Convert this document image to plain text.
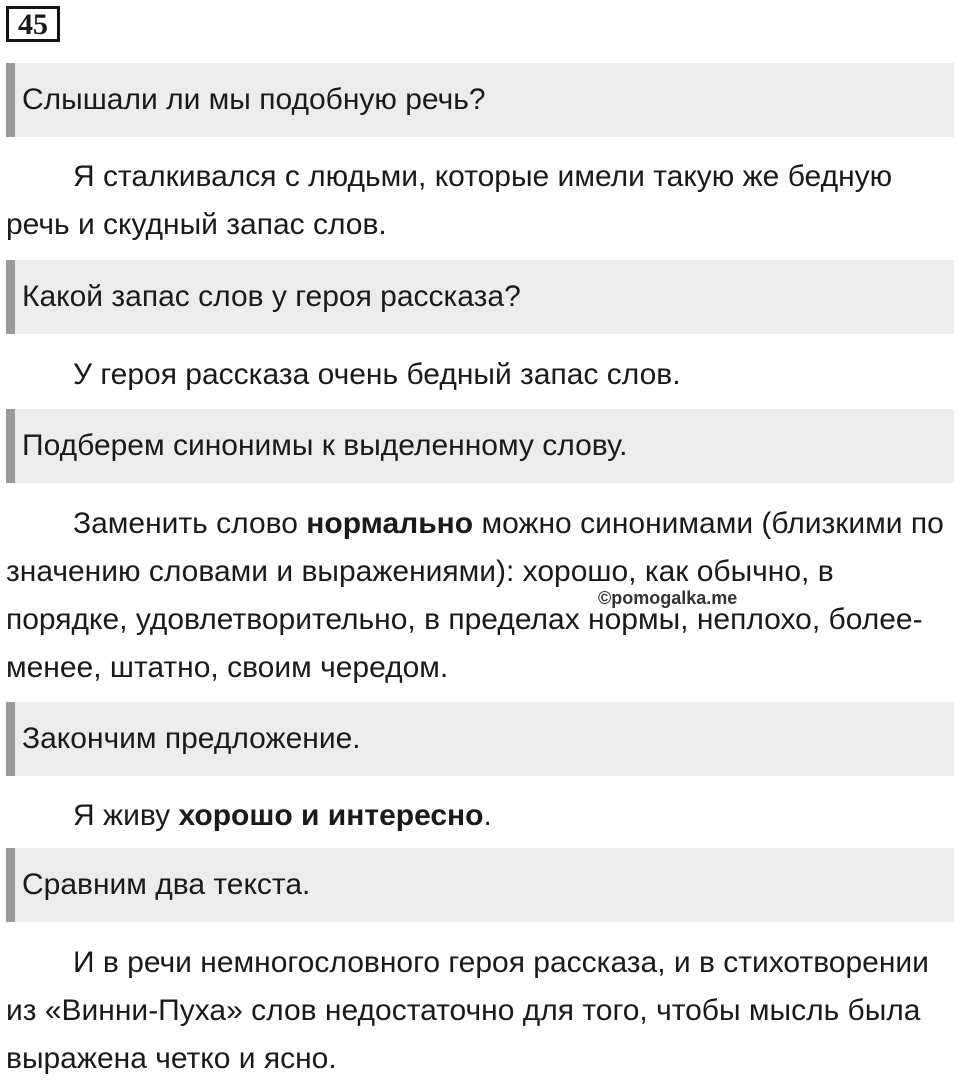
45
Слышали ли мы подобную речь?

Я сталкивался с людьми, которые имели такую же бедную речь и скудный запас слов.

Какой запас слов у героя рассказа?

У героя рассказа очень бедный запас слов.

Подберем синонимы к выделенному слову.

Заменить слово нормально можно синонимами (близкими по значению словами и выражениями): хорошо, как обычно, в порядке, удовлетворительно, в пределах нормы, неплохо, более-менее, штатно, своим чередом.

©pomogalka.me
Закончим предложение.

Я живу хорошо и интересно.

Сравним два текста.

И в речи немногословного героя рассказа, и в стихотворении из «Винни-Пуха» слов недостаточно для того, чтобы мысль была выражена четко и ясно.
